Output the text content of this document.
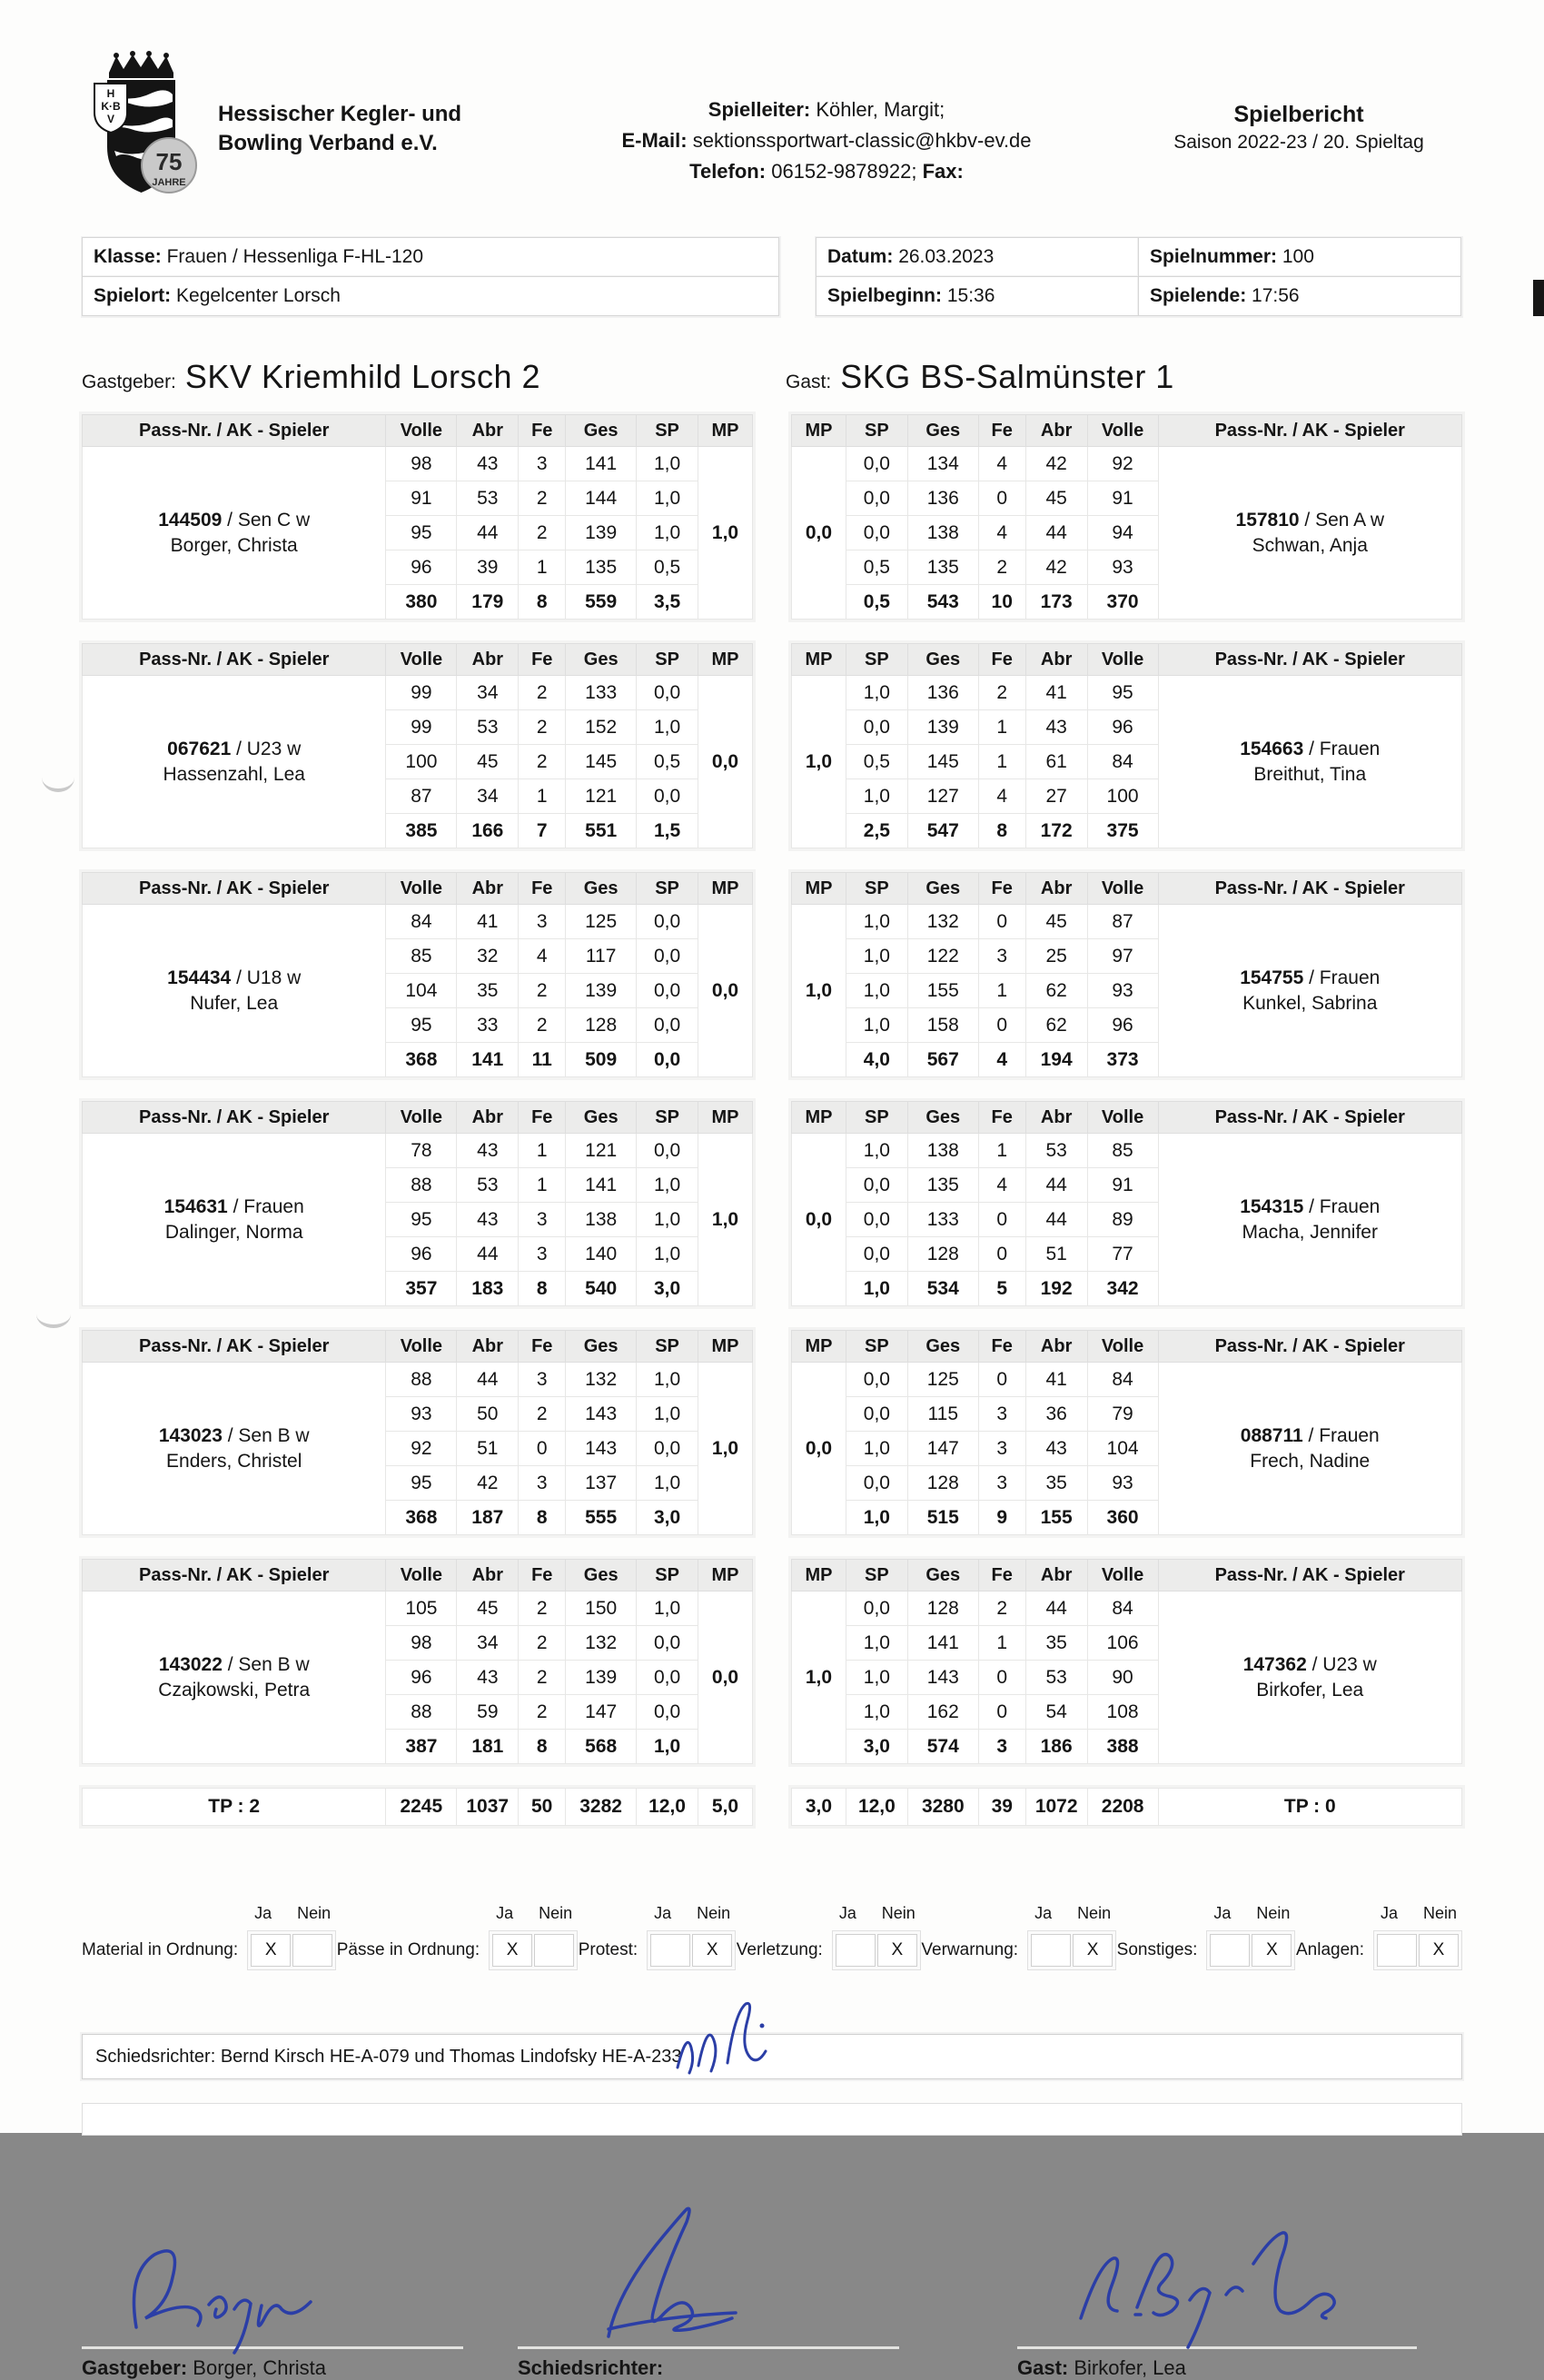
H
K·B
V
75
JAHRE
Hessischer Kegler- und
Bowling Verband e.V.
Spielleiter: Köhler, Margit;
E-Mail: sektionssportwart-classic@hkbv-ev.de
Telefon: 06152-9878922; Fax:
Spielbericht
Saison 2022-23 / 20. Spieltag
Klasse: Frauen / Hessenliga F-HL-120
Spielort: Kegelcenter Lorsch
Datum: 26.03.2023	Spielnummer: 100
Spielbeginn: 15:36	Spielende: 17:56
Gastgeber: SKV Kriemhild Lorsch 2	Gast: SKG BS-Salmünster 1
Pass-Nr. / AK - Spieler	Volle	Abr	Fe	Ges	SP	MP

144509 / Sen C w
Borger, Christa	98	43	3	141	1,0	1,0
	91	53	2	144	1,0	
	95	44	2	139	1,0	
	96	39	1	135	0,5	
	380	179	8	559	3,5	
MP	SP	Ges	Fe	Abr	Volle	Pass-Nr. / AK - Spieler
0,0	0,0	134	4	42	92	157810 / Sen A w
Schwan, Anja

	0,0	136	0	45	91	
	0,0	138	4	44	94	
	0,5	135	2	42	93	
	0,5	543	10	173	370	
Pass-Nr. / AK - Spieler	Volle	Abr	Fe	Ges	SP	MP

067621 / U23 w
Hassenzahl, Lea	99	34	2	133	0,0	0,0
	99	53	2	152	1,0	
	100	45	2	145	0,5	
	87	34	1	121	0,0	
	385	166	7	551	1,5	
MP	SP	Ges	Fe	Abr	Volle	Pass-Nr. / AK - Spieler
1,0	1,0	136	2	41	95	154663 / Frauen
Breithut, Tina

	0,0	139	1	43	96	
	0,5	145	1	61	84	
	1,0	127	4	27	100	
	2,5	547	8	172	375	
Pass-Nr. / AK - Spieler	Volle	Abr	Fe	Ges	SP	MP

154434 / U18 w
Nufer, Lea	84	41	3	125	0,0	0,0
	85	32	4	117	0,0	
	104	35	2	139	0,0	
	95	33	2	128	0,0	
	368	141	11	509	0,0	
MP	SP	Ges	Fe	Abr	Volle	Pass-Nr. / AK - Spieler
1,0	1,0	132	0	45	87	154755 / Frauen
Kunkel, Sabrina

	1,0	122	3	25	97	
	1,0	155	1	62	93	
	1,0	158	0	62	96	
	4,0	567	4	194	373	
Pass-Nr. / AK - Spieler	Volle	Abr	Fe	Ges	SP	MP

154631 / Frauen
Dalinger, Norma	78	43	1	121	0,0	1,0
	88	53	1	141	1,0	
	95	43	3	138	1,0	
	96	44	3	140	1,0	
	357	183	8	540	3,0	
MP	SP	Ges	Fe	Abr	Volle	Pass-Nr. / AK - Spieler
0,0	1,0	138	1	53	85	154315 / Frauen
Macha, Jennifer

	0,0	135	4	44	91	
	0,0	133	0	44	89	
	0,0	128	0	51	77	
	1,0	534	5	192	342	
Pass-Nr. / AK - Spieler	Volle	Abr	Fe	Ges	SP	MP

143023 / Sen B w
Enders, Christel	88	44	3	132	1,0	1,0
	93	50	2	143	1,0	
	92	51	0	143	0,0	
	95	42	3	137	1,0	
	368	187	8	555	3,0	
MP	SP	Ges	Fe	Abr	Volle	Pass-Nr. / AK - Spieler
0,0	0,0	125	0	41	84	088711 / Frauen
Frech, Nadine

	0,0	115	3	36	79	
	1,0	147	3	43	104	
	0,0	128	3	35	93	
	1,0	515	9	155	360	
Pass-Nr. / AK - Spieler	Volle	Abr	Fe	Ges	SP	MP

143022 / Sen B w
Czajkowski, Petra	105	45	2	150	1,0	0,0
	98	34	2	132	0,0	
	96	43	2	139	0,0	
	88	59	2	147	0,0	
	387	181	8	568	1,0	
MP	SP	Ges	Fe	Abr	Volle	Pass-Nr. / AK - Spieler
1,0	0,0	128	2	44	84	147362 / U23 w
Birkofer, Lea

	1,0	141	1	35	106	
	1,0	143	0	53	90	
	1,0	162	0	54	108	
	3,0	574	3	186	388	
TP : 2	2245	1037	50	3282	12,0	5,0	3,0	12,0	3280	39	1072	2208	TP : 0
Ja Nein
Material in Ordnung:	X
Ja Nein
Pässe in Ordnung:	X
Ja Nein
Protest:	X
Ja Nein
Verletzung:	X
Ja Nein
Verwarnung:	X
Ja Nein
Sonstiges:	X
Ja Nein
Anlagen:	X
Schiedsrichter: Bernd Kirsch HE-A-079 und Thomas Lindofsky HE-A-233
Gastgeber: Borger, Christa	Schiedsrichter:	Gast: Birkofer, Lea
